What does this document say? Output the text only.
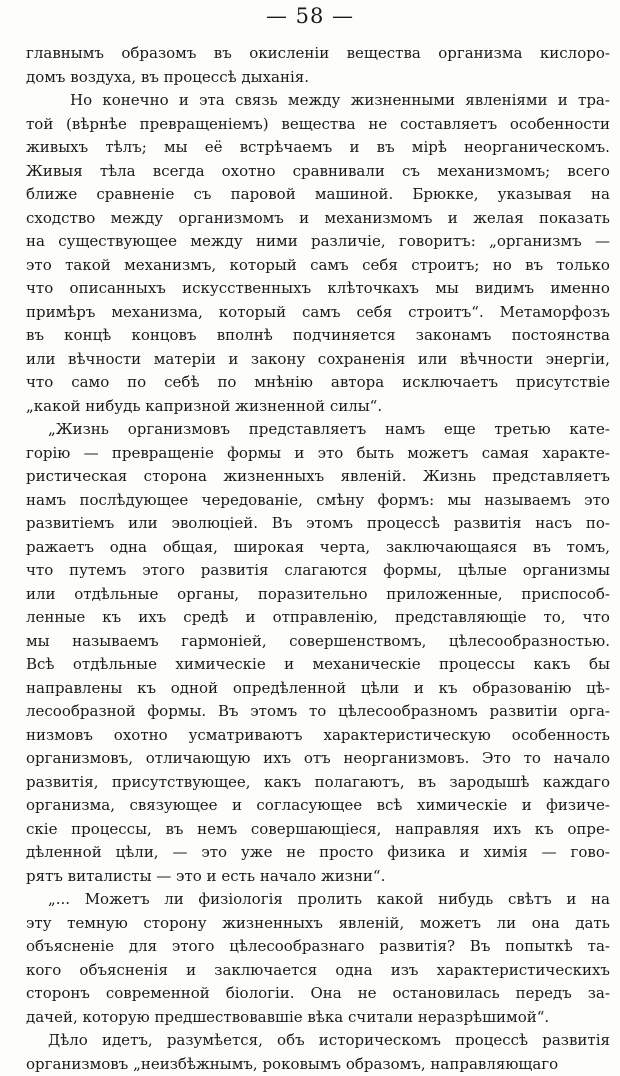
— 58 —
главнымъ образомъ въ окисленіи вещества организма кислоро-
домъ воздуха, въ процессѣ дыханія.
Но конечно и эта связь между жизненными явленіями и тра-
той (вѣрнѣе превращеніемъ) вещества не составляетъ особенности
живыхъ тѣлъ; мы её встрѣчаемъ и въ мірѣ неорганическомъ.
Живыя тѣла всегда охотно сравнивали съ механизмомъ; всего
ближе сравненіе съ паровой машиной. Брюкке, указывая на
сходство между организмомъ и механизмомъ и желая показать
на существующее между ними различіе, говоритъ: „организмъ —
это такой механизмъ, который самъ себя строитъ; но въ только
что описанныхъ искусственныхъ клѣточкахъ мы видимъ именно
примѣръ механизма, который самъ себя строитъ“. Метаморфозъ
въ концѣ концовъ вполнѣ подчиняется законамъ постоянства
или вѣчности матеріи и закону сохраненія или вѣчности энергіи,
что само по себѣ по мнѣнію автора исключаетъ присутствіе
„какой нибудь капризной жизненной силы“.
„Жизнь организмовъ представляетъ намъ еще третью кате-
горію — превращеніе формы и это быть можетъ самая характе-
ристическая сторона жизненныхъ явленій. Жизнь представляетъ
намъ послѣдующее чередованіе, смѣну формъ: мы называемъ это
развитіемъ или эволюціей. Въ этомъ процессѣ развитія насъ по-
ражаетъ одна общая, широкая черта, заключающаяся въ томъ,
что путемъ этого развитія слагаются формы, цѣлые организмы
или отдѣльные органы, поразительно приложенные, приспособ-
ленные къ ихъ средѣ и отправленію, представляющіе то, что
мы называемъ гармоніей, совершенствомъ, цѣлесообразностью.
Всѣ отдѣльные химическіе и механическіе процессы какъ бы
направлены къ одной опредѣленной цѣли и къ образованію цѣ-
лесообразной формы. Въ этомъ то цѣлесообразномъ развитіи орга-
низмовъ охотно усматриваютъ характеристическую особенность
организмовъ, отличающую ихъ отъ неорганизмовъ. Это то начало
развитія, присутствующее, какъ полагаютъ, въ зародышѣ каждаго
организма, связующее и согласующее всѣ химическіе и физиче-
скіе процессы, въ немъ совершающіеся, направляя ихъ къ опре-
дѣленной цѣли, — это уже не просто физика и химія — гово-
рятъ виталисты — это и есть начало жизни“.
„... Можетъ ли физіологія пролить какой нибудь свѣтъ и на
эту темную сторону жизненныхъ явленій, можетъ ли она дать
объясненіе для этого цѣлесообразнаго развитія? Въ попыткѣ та-
кого объясненія и заключается одна изъ характеристическихъ
сторонъ современной біологіи. Она не остановилась передъ за-
дачей, которую предшествовавшіе вѣка считали неразрѣшимой“.
Дѣло идетъ, разумѣется, объ историческомъ процессѣ развитія
организмовъ „неизбѣжнымъ, роковымъ образомъ, направляющаго
